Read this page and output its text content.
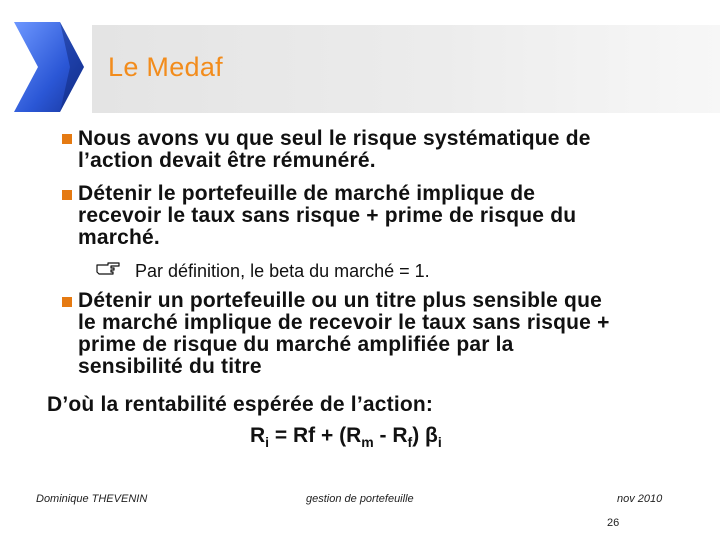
Le Medaf
Nous avons vu que seul le risque systématique de
l’action devait être rémunéré.
Détenir le portefeuille de marché implique de
recevoir le taux sans risque + prime de risque du
marché.
Par définition, le beta du marché = 1.
Détenir un portefeuille ou un titre plus sensible que
le marché implique de recevoir le taux sans risque +
prime de risque du marché amplifiée par la
sensibilité du titre
D’où la rentabilité espérée de l’action:
$R_i = Rf + (R_m - R_f)$ $\beta_i$
Dominique THEVENIN	gestion de portefeuille	nov 2010
26
